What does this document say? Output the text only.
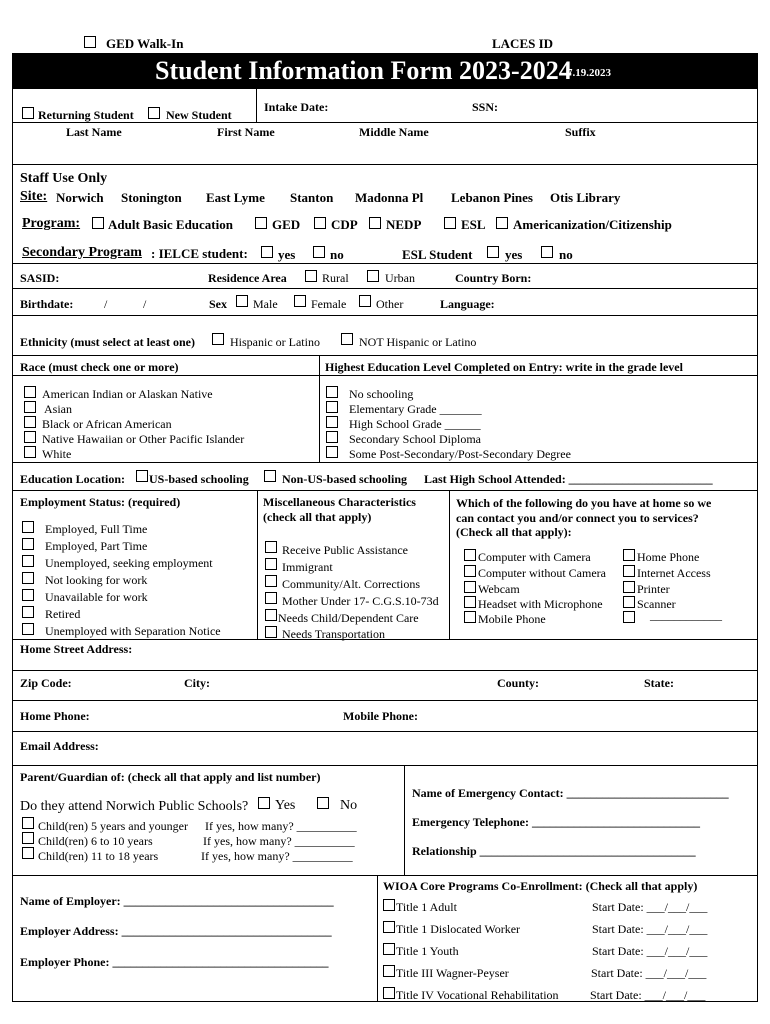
GED Walk-In	LACES ID
Student Information Form 2023-2024
7.19.2023
Returning Student	New Student
Intake Date:	SSN:
Last Name	First Name	Middle Name	Suffix
Staff Use Only
Site: Norwich Stonington East Lyme Stanton Madonna Pl Lebanon Pines Otis Library
Program: Adult Basic Education	GED CDP NEDP	ESL Americanization/Citizenship
Secondary Program : IELCE student: yes	no	ESL Student	yes	no
SASID:	Residence Area	Rural	Urban	Country Born:
Birthdate:	/	/	Sex Male	Female Other	Language:
Ethnicity (must select at least one)	Hispanic or Latino	NOT Hispanic or Latino
Race (must check one or more)	Highest Education Level Completed on Entry: write in the grade level
American Indian or Alaskan Native
Asian
Black or African American
Native Hawaiian or Other Pacific Islander
White
No schooling
Elementary Grade _______
High School Grade ______
Secondary School Diploma
Some Post-Secondary/Post-Secondary Degree
Education Location: US-based schooling	Non-US-based schooling Last High School Attended: ________________________
Employment Status: (required)
Employed, Full Time
Employed, Part Time
Unemployed, seeking employment
Not looking for work
Unavailable for work
Retired
Unemployed with Separation Notice
Miscellaneous Characteristics
(check all that apply)
Receive Public Assistance
Immigrant
Community/Alt. Corrections
Mother Under 17- C.G.S.10-73d
Needs Child/Dependent Care
Needs Transportation
Which of the following do you have at home so we
can contact you and/or connect you to services?
(Check all that apply):
Computer with Camera
Computer without Camera
Webcam
Headset with Microphone
Mobile Phone
Home Phone
Internet Access
Printer
Scanner
____________
Home Street Address:
Zip Code:	City:	County:	State:
Home Phone:	Mobile Phone:
Email Address:
Parent/Guardian of: (check all that apply and list number)
Do they attend Norwich Public Schools? Yes	No
Child(ren) 5 years and younger If yes, how many? __________
Child(ren) 6 to 10 years	If yes, how many? __________
Child(ren) 11 to 18 years	If yes, how many? __________
Name of Emergency Contact: ___________________________
Emergency Telephone: ____________________________
Relationship ____________________________________
Name of Employer: ___________________________________
Employer Address: ___________________________________
Employer Phone: ____________________________________
WIOA Core Programs Co-Enrollment: (Check all that apply)
Title 1 Adult	Start Date: ___/___/___
Title 1 Dislocated Worker	Start Date: ___/___/___
Title 1 Youth	Start Date: ___/___/___
Title III Wagner-Peyser	Start Date: ___/___/___
Title IV Vocational Rehabilitation	Start Date: ___/___/___
